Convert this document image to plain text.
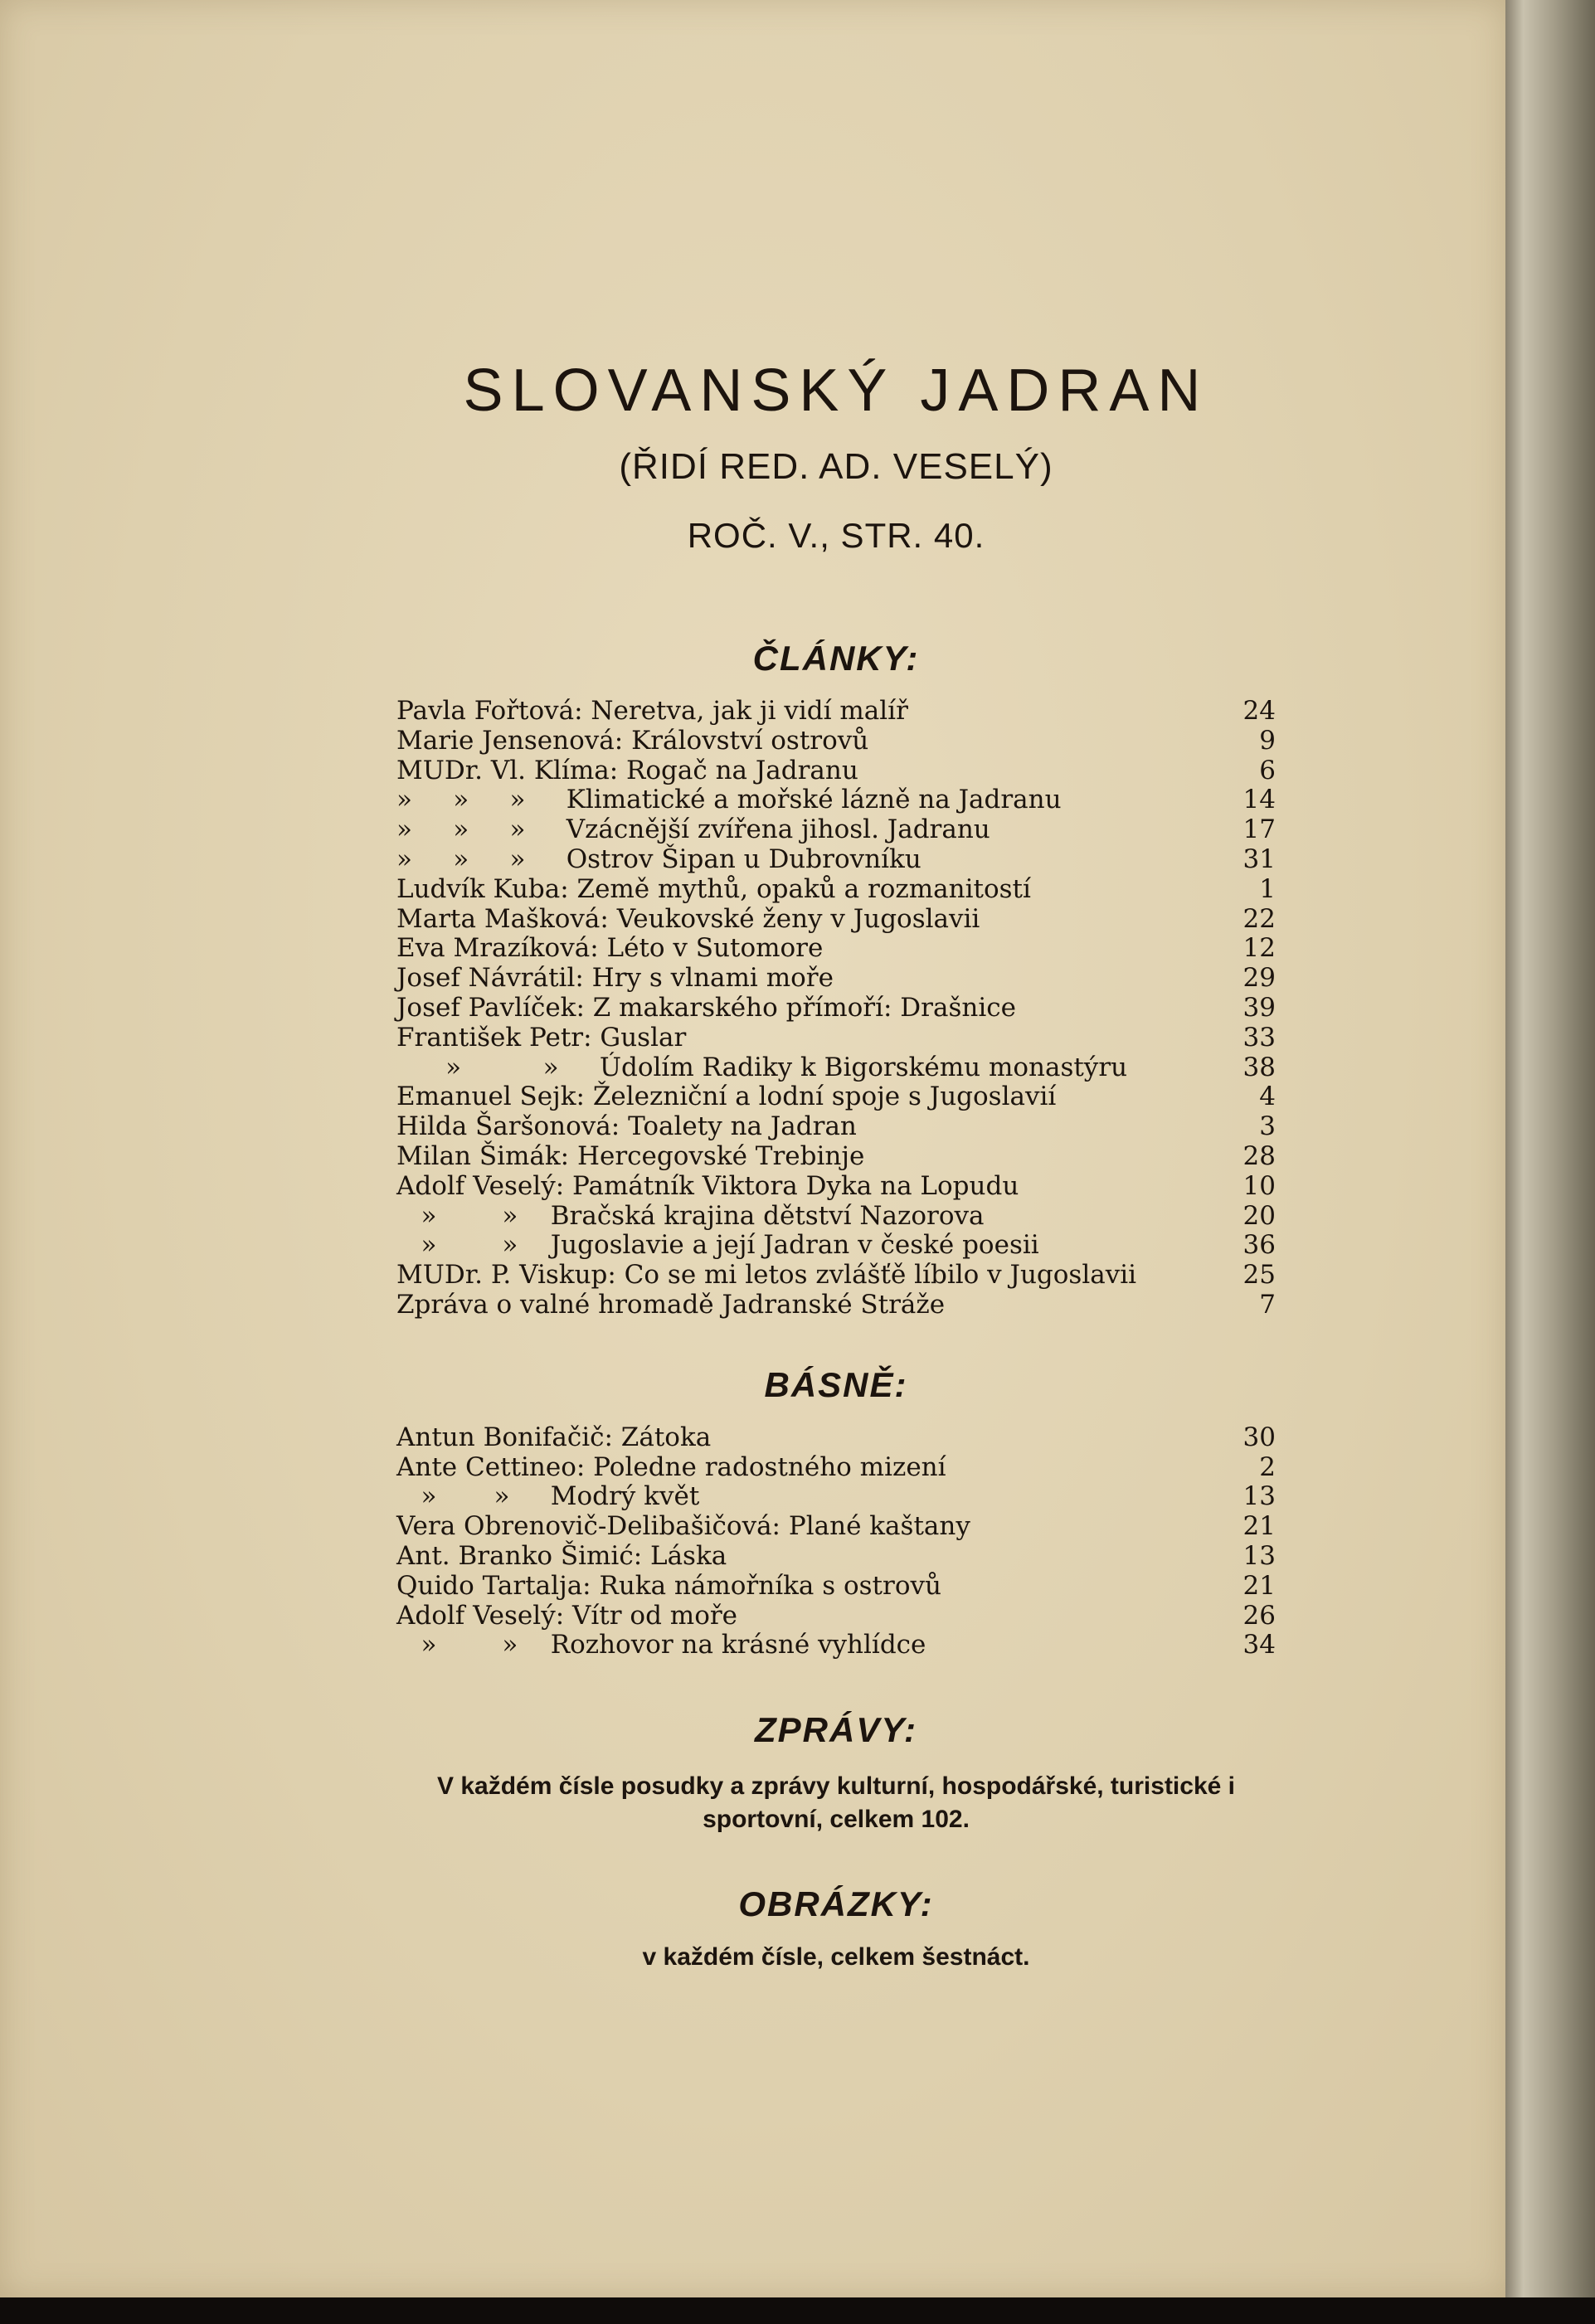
SLOVANSKÝ JADRAN

(ŘIDÍ RED. AD. VESELÝ)

ROČ. V., STR. 40.

ČLÁNKY:
Pavla Fořtová: Neretva, jak ji vidí malíř	24
Marie Jensenová: Království ostrovů	9
MUDr. Vl. Klíma: Rogač na Jadranu	6
»     »     »     Klimatické a mořské lázně na Jadranu	14
»     »     »     Vzácnější zvířena jihosl. Jadranu	17
»     »     »     Ostrov Šipan u Dubrovníku	31
Ludvík Kuba: Země mythů, opaků a rozmanitostí	1
Marta Mašková: Veukovské ženy v Jugoslavii	22
Eva Mrazíková: Léto v Sutomore	12
Josef Návrátil: Hry s vlnami moře	29
Josef Pavlíček: Z makarského přímoří: Drašnice	39
František Petr: Guslar	33
»          »     Údolím Radiky k Bigorskému monastýru	38
Emanuel Sejk: Železniční a lodní spoje s Jugoslavií	4
Hilda Šaršonová: Toalety na Jadran	3
Milan Šimák: Hercegovské Trebinje	28
Adolf Veselý: Památník Viktora Dyka na Lopudu	10
»        »    Bračská krajina dětství Nazorova	20
»        »    Jugoslavie a její Jadran v české poesii	36
MUDr. P. Viskup: Co se mi letos zvlášťě líbilo v Jugoslavii	25
Zpráva o valné hromadě Jadranské Stráže	7
BÁSNĚ:
Antun Bonifačič: Zátoka	30
Ante Cettineo: Poledne radostného mizení	2
»       »     Modrý květ	13
Vera Obrenovič-Delibašičová: Plané kaštany	21
Ant. Branko Šimić: Láska	13
Quido Tartalja: Ruka námořníka s ostrovů	21
Adolf Veselý: Vítr od moře	26
»        »    Rozhovor na krásné vyhlídce	34
ZPRÁVY:

V každém čísle posudky a zprávy kulturní, hospodářské, turistické i sportovní, celkem 102.

OBRÁZKY:

v každém čísle, celkem šestnáct.
